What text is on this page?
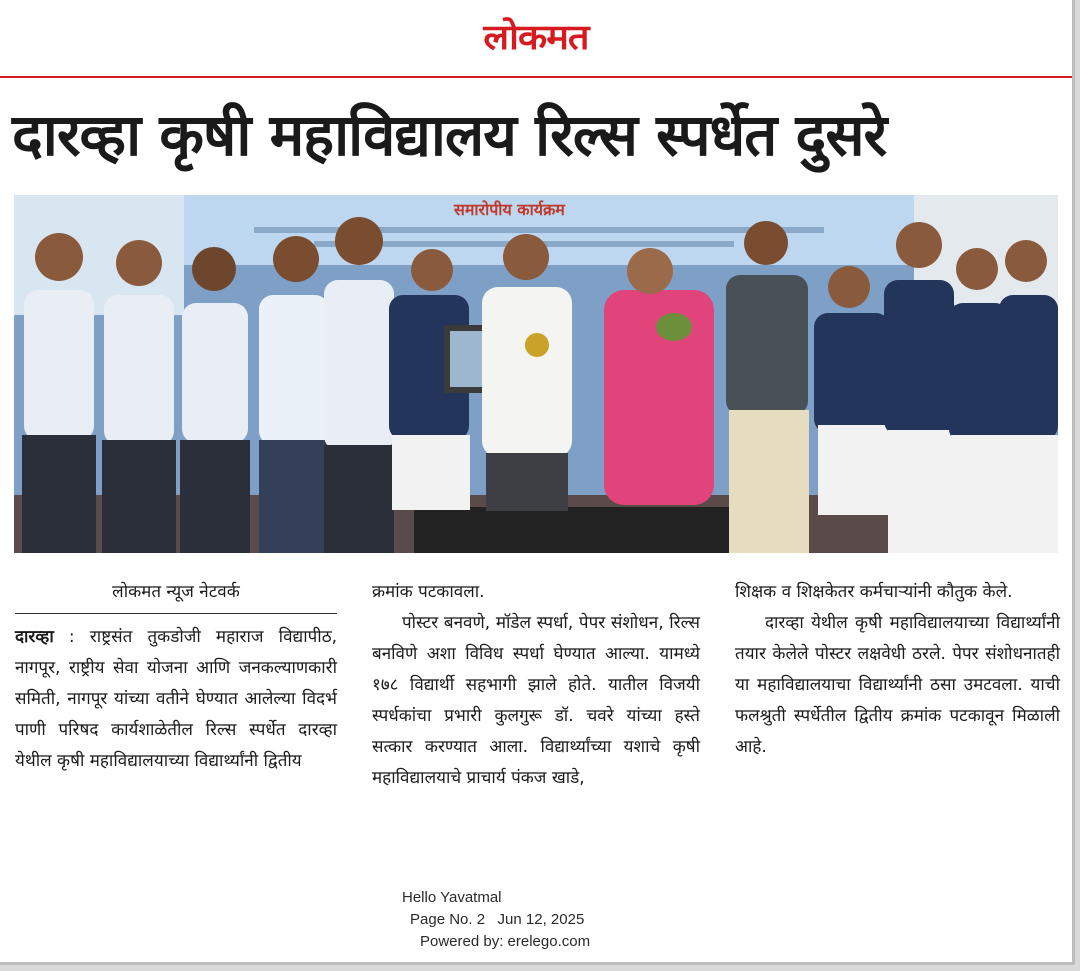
लोकमत
दारव्हा कृषी महाविद्यालय रिल्स स्पर्धेत दुसरे
समारोपीय कार्यक्रम

लोकमत न्यूज नेटवर्क

दारव्हा : राष्ट्रसंत तुकडोजी महाराज विद्यापीठ, नागपूर, राष्ट्रीय सेवा योजना आणि जनकल्याणकारी समिती, नागपूर यांच्या वतीने घेण्यात आलेल्या विदर्भ पाणी परिषद कार्यशाळेतील रिल्स स्पर्धेत दारव्हा येथील कृषी महाविद्यालयाच्या विद्यार्थ्यांनी द्वितीय

क्रमांक पटकावला.

पोस्टर बनवणे, मॉडेल स्पर्धा, पेपर संशोधन, रिल्स बनविणे अशा विविध स्पर्धा घेण्यात आल्या. यामध्ये १७८ विद्यार्थी सहभागी झाले होते. यातील विजयी स्पर्धकांचा प्रभारी कुलगुरू डॉ. चवरे यांच्या हस्ते सत्कार करण्यात आला. विद्यार्थ्यांच्या यशाचे कृषी महाविद्यालयाचे प्राचार्य पंकज खाडे,

शिक्षक व शिक्षकेतर कर्मचाऱ्यांनी कौतुक केले.

दारव्हा येथील कृषी महाविद्यालयाच्या विद्यार्थ्यांनी तयार केलेले पोस्टर लक्षवेधी ठरले. पेपर संशोधनातही या महाविद्यालयाचा विद्यार्थ्यांनी ठसा उमटवला. याची फलश्रुती स्पर्धेतील द्वितीय क्रमांक पटकावून मिळाली आहे.

Hello Yavatmal
Page No. 2   Jun 12, 2025
Powered by: erelego.com
